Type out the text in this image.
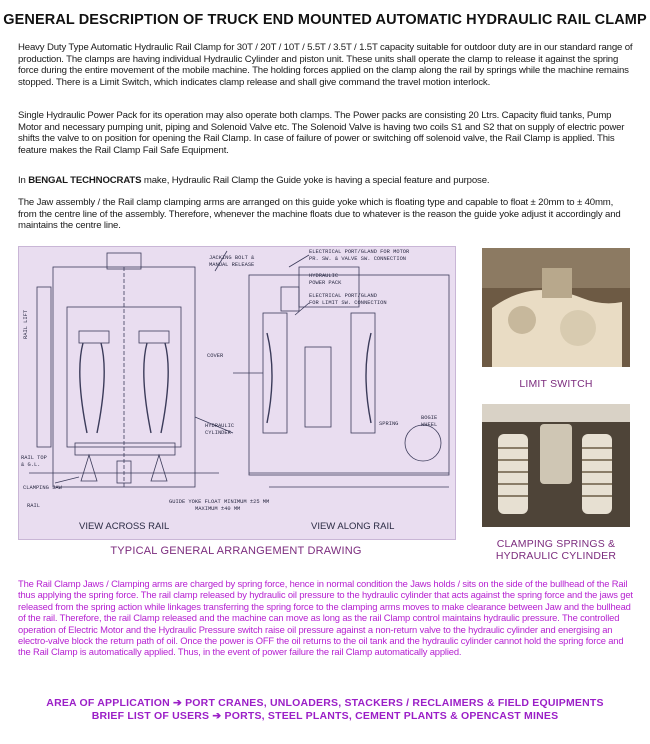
GENERAL DESCRIPTION OF TRUCK END MOUNTED AUTOMATIC HYDRAULIC RAIL CLAMP
Heavy Duty Type Automatic Hydraulic Rail Clamp for 30T / 20T / 10T / 5.5T / 3.5T / 1.5T capacity suitable for outdoor duty are in our standard range of production. The clamps are having individual Hydraulic Cylinder and piston unit. These units shall operate the clamp to release it against the spring force during the entire movement of the mobile machine. The holding forces applied on the clamp along the rail by springs while the machine remains stopped. There is a Limit Switch, which indicates clamp release and shall give command the travel motion interlock.
Single Hydraulic Power Pack for its operation may also operate both clamps. The Power packs are consisting 20 Ltrs. Capacity fluid tanks, Pump Motor and necessary pumping unit, piping and Solenoid Valve etc. The Solenoid Valve is having two coils S1 and S2 that on supply of electric power shifts the valve to on position for opening the Rail Clamp. In case of failure of power or switching off solenoid valve, the Rail Clamp is applied. This feature makes the Rail Clamp Fail Safe Equipment.
In BENGAL TECHNOCRATS make, Hydraulic Rail Clamp the Guide yoke is having a special feature and purpose.
The Jaw assembly / the Rail clamp clamping arms are arranged on this guide yoke which is floating type and capable to float ± 20mm to ± 40mm, from the centre line of the assembly. Therefore, whenever the machine floats due to whatever is the reason the guide yoke adjust it accordingly and maintains the centre line.
JACKING BOLT &
MANUAL RELEASE
ELECTRICAL PORT/GLAND FOR MOTOR
PR. SW. & VALVE SW. CONNECTION
HYDRAULIC
POWER PACK
ELECTRICAL PORT/GLAND
FOR LIMIT SW. CONNECTION
COVER
SPRING
BOGIE
WHEEL
HYDRAULIC
CYLINDER
RAIL TOP
& G.L.
CLAMPING JAW
RAIL
RAIL LIFT
GUIDE YOKE FLOAT MINIMUM ±25 MM
MAXIMUM ±40 MM
VIEW ACROSS RAIL	VIEW ALONG RAIL
TYPICAL GENERAL ARRANGEMENT DRAWING
LIMIT SWITCH
CLAMPING SPRINGS &
HYDRAULIC CYLINDER
The Rail Clamp Jaws / Clamping arms are charged by spring force, hence in normal condition the Jaws holds / sits on the side of the bullhead of the Rail thus applying the spring force. The rail clamp released by hydraulic oil pressure to the hydraulic cylinder that acts against the spring force and the jaws get released from the spring action while linkages transferring the spring force to the clamping arms moves to make clearance between Jaw and the bullhead of the rail. Therefore, the rail Clamp released and the machine can move as long as the rail Clamp control maintains hydraulic pressure. The controlled operation of Electric Motor and the Hydraulic Pressure switch raise oil pressure against a non-return valve to the hydraulic cylinder and energising an electro-valve block the return path of oil. Once the power is OFF the oil returns to the oil tank and the hydraulic cylinder cannot hold the spring force and the Rail Clamp is automatically applied. Thus, in the event of power failure the rail Clamp automatically applied.
AREA OF APPLICATION ➔ PORT CRANES, UNLOADERS, STACKERS / RECLAIMERS & FIELD EQUIPMENTS
BRIEF LIST OF USERS ➔ PORTS, STEEL PLANTS, CEMENT PLANTS & OPENCAST MINES
